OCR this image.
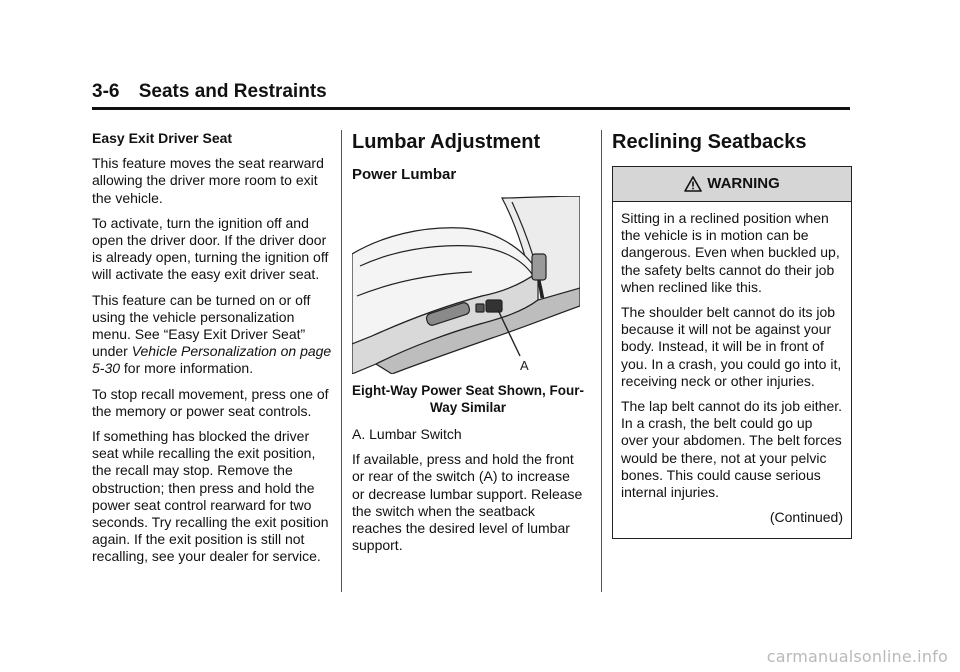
3-6 Seats and Restraints

Easy Exit Driver Seat

This feature moves the seat rearward allowing the driver more room to exit the vehicle.

To activate, turn the ignition off and open the driver door. If the driver door is already open, turning the ignition off will activate the easy exit driver seat.

This feature can be turned on or off using the vehicle personalization menu. See “Easy Exit Driver Seat” under Vehicle Personalization on page 5-30 for more information.

To stop recall movement, press one of the memory or power seat controls.

If something has blocked the driver seat while recalling the exit position, the recall may stop. Remove the obstruction; then press and hold the power seat control rearward for two seconds. Try recalling the exit position again. If the exit position is still not recalling, see your dealer for service.

Lumbar Adjustment
Power Lumbar
A
Eight-Way Power Seat Shown, Four-Way Similar

A. Lumbar Switch

If available, press and hold the front or rear of the switch (A) to increase or decrease lumbar support. Release the switch when the seatback reaches the desired level of lumbar support.

Reclining Seatbacks
WARNING

Sitting in a reclined position when the vehicle is in motion can be dangerous. Even when buckled up, the safety belts cannot do their job when reclined like this.

The shoulder belt cannot do its job because it will not be against your body. Instead, it will be in front of you. In a crash, you could go into it, receiving neck or other injuries.

The lap belt cannot do its job either. In a crash, the belt could go up over your abdomen. The belt forces would be there, not at your pelvic bones. This could cause serious internal injuries.

(Continued)

carmanualsonline.info
